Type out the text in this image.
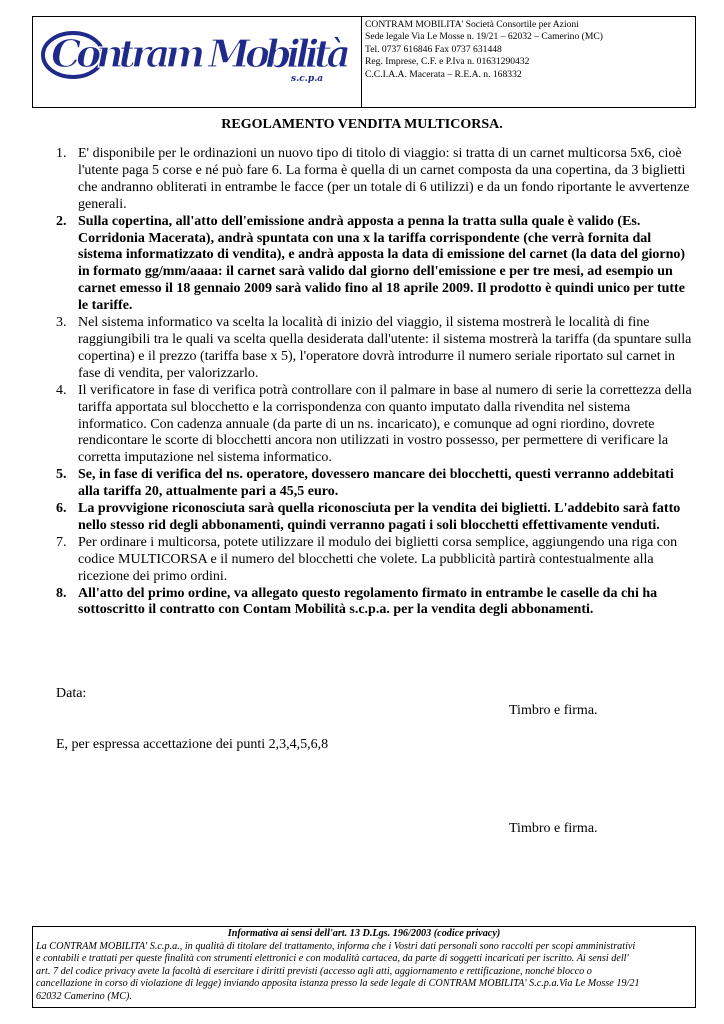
Contram Mobilità
s.c.p.a
CONTRAM MOBILITA' Società Consortile per Azioni
Sede legale Via Le Mosse n. 19/21 – 62032 – Camerino (MC)
Tel. 0737 616846 Fax 0737 631448
Reg. Imprese, C.F. e P.Iva n. 01631290432
C.C.I.A.A. Macerata – R.E.A. n. 168332
REGOLAMENTO VENDITA MULTICORSA.
1. E' disponibile per le ordinazioni un nuovo tipo di titolo di viaggio: si tratta di un carnet multicorsa 5x6, cioè l'utente paga 5 corse e né può fare 6. La forma è quella di un carnet composta da una copertina, da 3 biglietti che andranno obliterati in entrambe le facce (per un totale di 6 utilizzi) e da un fondo riportante le avvertenze generali.
2. Sulla copertina, all'atto dell'emissione andrà apposta a penna la tratta sulla quale è valido (Es. Corridonia Macerata), andrà spuntata con una x la tariffa corrispondente (che verrà fornita dal sistema informatizzato di vendita), e andrà apposta la data di emissione del carnet (la data del giorno) in formato gg/mm/aaaa: il carnet sarà valido dal giorno dell'emissione e per tre mesi, ad esempio un carnet emesso il 18 gennaio 2009 sarà valido fino al 18 aprile 2009. Il prodotto è quindi unico per tutte le tariffe.
3. Nel sistema informatico va scelta la località di inizio del viaggio, il sistema mostrerà le località di fine raggiungibili tra le quali va scelta quella desiderata dall'utente: il sistema mostrerà la tariffa (da spuntare sulla copertina) e il prezzo (tariffa base x 5), l'operatore dovrà introdurre il numero seriale riportato sul carnet in fase di vendita, per valorizzarlo.
4. Il verificatore in fase di verifica potrà controllare con il palmare in base al numero di serie la correttezza della tariffa apportata sul blocchetto e la corrispondenza con quanto imputato dalla rivendita nel sistema informatico. Con cadenza annuale (da parte di un ns. incaricato), e comunque ad ogni riordino, dovrete rendicontare le scorte di blocchetti ancora non utilizzati in vostro possesso, per permettere di verificare la corretta imputazione nel sistema informatico.
5. Se, in fase di verifica del ns. operatore, dovessero mancare dei blocchetti, questi verranno addebitati alla tariffa 20, attualmente pari a 45,5 euro.
6. La provvigione riconosciuta sarà quella riconosciuta per la vendita dei biglietti. L'addebito sarà fatto nello stesso rid degli abbonamenti, quindi verranno pagati i soli blocchetti effettivamente venduti.
7. Per ordinare i multicorsa, potete utilizzare il modulo dei biglietti corsa semplice, aggiungendo una riga con codice MULTICORSA e il numero del blocchetti che volete. La pubblicità partirà contestualmente alla ricezione dei primo ordini.
8. All'atto del primo ordine, va allegato questo regolamento firmato in entrambe le caselle da chi ha sottoscritto il contratto con Contam Mobilità s.c.p.a. per la vendita degli abbonamenti.
Data:
Timbro e firma.
E, per espressa accettazione dei punti 2,3,4,5,6,8
Timbro e firma.
Informativa ai sensi dell'art. 13 D.Lgs. 196/2003 (codice privacy)
La CONTRAM MOBILITA' S.c.p.a., in qualità di titolare del trattamento, informa che i Vostri dati personali sono raccolti per scopi amministrativi
e contabili e trattati per queste finalità con strumenti elettronici e con modalità cartacea, da parte di soggetti incaricati per iscritto. Ai sensi dell'
art. 7 del codice privacy avete la facoltà di esercitare i diritti previsti (accesso agli atti, aggiornamento e rettificazione, nonché blocco o
cancellazione in corso di violazione di legge) inviando apposita istanza presso la sede legale di CONTRAM MOBILITA' S.c.p.a.Via Le Mosse 19/21
62032 Camerino (MC).
